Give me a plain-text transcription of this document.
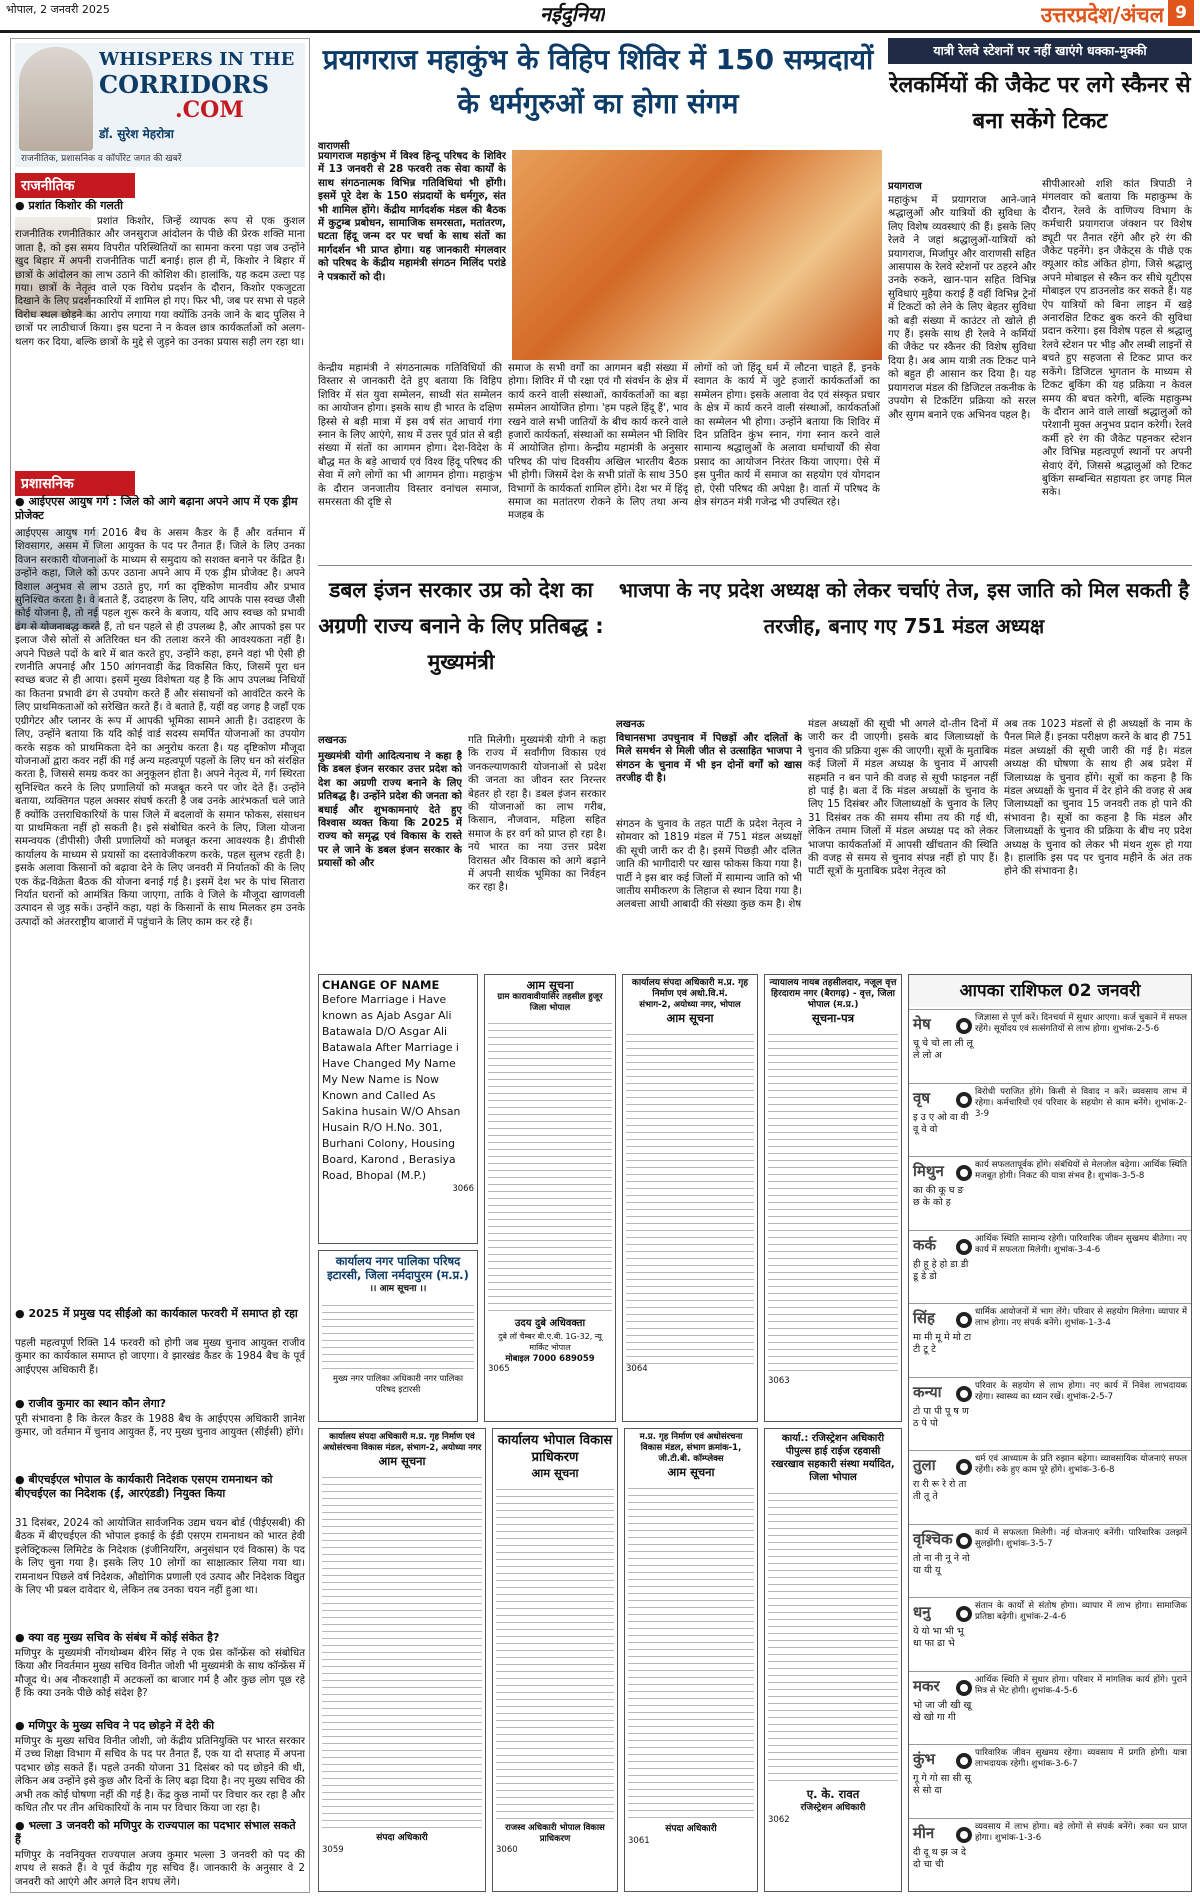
भोपाल, 2 जनवरी 2025	नईदुनिया	उत्तरप्रदेश/अंचल 9
WHISPERS IN THE
CORRIDORS
.COM
डॉ. सुरेश मेहरोत्रा
राजनीतिक, प्रशासनिक व कॉर्पोरेट जगत की खबरें
राजनीतिक
● प्रशांत किशोर की गलती
प्रशांत किशोर, जिन्हें व्यापक रूप से एक कुशल राजनीतिक रणनीतिकार और जनसुराज आंदोलन के पीछे की प्रेरक शक्ति माना जाता है, को इस समय विपरीत परिस्थितियों का सामना करना पड़ा जब उन्होंने खुद बिहार में अपनी राजनीतिक पार्टी बनाई। हाल ही में, किशोर ने बिहार में छात्रों के आंदोलन का लाभ उठाने की कोशिश की। हालांकि, यह कदम उल्टा पड़ गया। छात्रों के नेतृत्व वाले एक विरोध प्रदर्शन के दौरान, किशोर एकजुटता दिखाने के लिए प्रदर्शनकारियों में शामिल हो गए। फिर भी, जब पर सभा से पहले विरोध स्थल छोड़ने का आरोप लगाया गया क्योंकि उनके जाने के बाद पुलिस ने छात्रों पर लाठीचार्ज किया। इस घटना ने न केवल छात्र कार्यकर्ताओं को अलग-थलग कर दिया, बल्कि छात्रों के मुद्दे से जुड़ने का उनका प्रयास सही लग रहा था।
प्रशासनिक
● आईएएस आयुष गर्ग : जिले को आगे बढ़ाना अपने आप में एक ड्रीम प्रोजेक्ट
आईएएस आयुष गर्ग 2016 बैच के असम कैडर के हैं और वर्तमान में शिवसागर, असम में जिला आयुक्त के पद पर तैनात हैं। जिले के लिए उनका विजन सरकारी योजनाओं के माध्यम से समुदाय को सशक्त बनाने पर केंद्रित है। उन्होंने कहा, जिले को ऊपर उठाना अपने आप में एक ड्रीम प्रोजेक्ट है। अपने विशाल अनुभव से लाभ उठाते हुए, गर्ग का दृष्टिकोण मानवीय और प्रभाव सुनिश्चित करता है। वे बताते हैं, उदाहरण के लिए, यदि आपके पास स्वच्छ जैसी कोई योजना है, तो नई पहल शुरू करने के बजाय, यदि आप स्वच्छ को प्रभावी ढंग से योजनाबद्ध करते हैं, तो धन पहले से ही उपलब्ध है, और आपको इस पर इलाज जैसे स्रोतों से अतिरिक्त धन की तलाश करने की आवश्यकता नहीं है। अपने पिछले पदों के बारे में बात करते हुए, उन्होंने कहा, हमने वहां भी ऐसी ही रणनीति अपनाई और 150 आंगनवाड़ी केंद्र विकसित किए, जिसमें पूरा धन स्वच्छ बजट से ही आया। इसमें मुख्य विशेषता यह है कि आप उपलब्ध निधियों का कितना प्रभावी ढंग से उपयोग करते हैं और संसाधनों को आवंटित करने के लिए प्राथमिकताओं को सरेखित करते हैं। वे बताते हैं, यहीं वह जगह है जहाँ एक एग्रीगेटर और प्लानर के रूप में आपकी भूमिका सामने आती है। उदाहरण के लिए, उन्होंने बताया कि यदि कोई वार्ड सदस्य समर्पित योजनाओं का उपयोग करके सड़क को प्राथमिकता देने का अनुरोध करता है। यह दृष्टिकोण मौजूदा योजनाओं द्वारा कवर नहीं की गई अन्य महत्वपूर्ण पहलों के लिए धन को संरक्षित करता है, जिससे समग्र कवर का अनुकूलन होता है। अपने नेतृत्व में, गर्ग स्थिरता सुनिश्चित करने के लिए प्रणालियों को मजबूत करने पर जोर देते हैं। उन्होंने बताया, व्यक्तिगत पहल अक्सर संघर्ष करती है जब उनके आरंभकर्ता चले जाते हैं क्योंकि उत्तराधिकारियों के पास जिले में बदलावों के समान फोकस, संसाधन या प्राथमिकता नहीं हो सकती है। इसे संबोधित करने के लिए, जिला योजना समन्वयक (डीपीसी) जैसी प्रणालियों को मजबूत करना आवश्यक है। डीपीसी कार्यालय के माध्यम से प्रयासों का दस्तावेजीकरण करके, पहल सुलभ रहती है। इसके अलावा किसानों को बढ़ावा देने के लिए जनवरी में निर्यातकों की के लिए एक केंद्र-विक्रेता बैठक की योजना बनाई गई है। इसमें देश भर के पांच सितारा निर्यात घरानों को आमंत्रित किया जाएगा, ताकि वे जिले के मौजूदा खाणवली उत्पादन से जुड़ सकें। उन्होंने कहा, यहां के किसानों के साथ मिलकर हम उनके उत्पादों को अंतरराष्ट्रीय बाजारों में पहुंचाने के लिए काम कर रहे हैं।
● 2025 में प्रमुख पद सीईओ का कार्यकाल फरवरी में समाप्त हो रहा
पहली महत्वपूर्ण रिक्ति 14 फरवरी को होगी जब मुख्य चुनाव आयुक्त राजीव कुमार का कार्यकाल समाप्त हो जाएगा। वे झारखंड कैडर के 1984 बैच के पूर्व आईएएस अधिकारी हैं।
● राजीव कुमार का स्थान कौन लेगा?
पूरी संभावना है कि केरल कैडर के 1988 बैच के आईएएस अधिकारी ज्ञानेश कुमार, जो वर्तमान में चुनाव आयुक्त हैं, नए मुख्य चुनाव आयुक्त (सीईसी) होंगे।
● बीएचईएल भोपाल के कार्यकारी निदेशक एसएम रामनाथन को बीएचईएल का निदेशक (ई, आरएंडडी) नियुक्त किया
31 दिसंबर, 2024 को आयोजित सार्वजनिक उद्यम चयन बोर्ड (पीईएसबी) की बैठक में बीएचईएल की भोपाल इकाई के ईडी एसएम रामनाथन को भारत हेवी इलेक्ट्रिकल्स लिमिटेड के निदेशक (इंजीनियरिंग, अनुसंधान एवं विकास) के पद के लिए चुना गया है। इसके लिए 10 लोगों का साक्षात्कार लिया गया था। रामनाथन पिछले वर्ष निदेशक, औद्योगिक प्रणाली एवं उत्पाद और निदेशक विद्युत के लिए भी प्रबल दावेदार थे, लेकिन तब उनका चयन नहीं हुआ था।
● क्या वह मुख्य सचिव के संबंध में कोई संकेत है?
मणिपुर के मुख्यमंत्री नोंगथोम्बम बीरेन सिंह ने एक प्रेस कॉन्फ्रेंस को संबोधित किया और निवर्तमान मुख्य सचिव विनीत जोशी भी मुख्यमंत्री के साथ कॉन्फ्रेंस में मौजूद थे। अब नौकरशाही में अटकलों का बाजार गर्म है और कुछ लोग पूछ रहे हैं कि क्या उनके पीछे कोई संदेश है?
● मणिपुर के मुख्य सचिव ने पद छोड़ने में देरी की
मणिपुर के मुख्य सचिव विनीत जोशी, जो केंद्रीय प्रतिनियुक्ति पर भारत सरकार में उच्च शिक्षा विभाग में सचिव के पद पर तैनात हैं, एक या दो सप्ताह में अपना पदभार छोड़ सकते हैं। पहले उनकी योजना 31 दिसंबर को पद छोड़ने की थी, लेकिन अब उन्होंने इसे कुछ और दिनों के लिए बढ़ा दिया है। नए मुख्य सचिव की अभी तक कोई घोषणा नहीं की गई है। केंद्र कुछ नामों पर विचार कर रहा है और कथित तौर पर तीन अधिकारियों के नाम पर विचार किया जा रहा है।
● भल्ला 3 जनवरी को मणिपुर के राज्यपाल का पदभार संभाल सकते हैं
मणिपुर के नवनियुक्त राज्यपाल अजय कुमार भल्ला 3 जनवरी को पद की शपथ ले सकते हैं। वे पूर्व केंद्रीय गृह सचिव हैं। जानकारी के अनुसार वे 2 जनवरी को आएंगे और अगले दिन शपथ लेंगे।
प्रयागराज महाकुंभ के विहिप शिविर में 150 सम्प्रदायों के धर्मगुरुओं का होगा संगम
वाराणसी
प्रयागराज महाकुंभ में विश्व हिन्दू परिषद के शिविर में 13 जनवरी से 28 फरवरी तक सेवा कार्यों के साथ संगठनात्मक विभिन्न गतिविधियां भी होंगी। इसमें पूरे देश के 150 संप्रदायों के धर्मगुरु, संत भी शामिल होंगे। केंद्रीय मार्गदर्शक मंडल की बैठक में कुटुम्ब प्रबोधन, सामाजिक समरसता, मतांतरण, घटता हिंदू जन्म दर पर चर्चा के साथ संतों का मार्गदर्शन भी प्राप्त होगा। यह जानकारी मंगलवार को परिषद के केंद्रीय महामंत्री संगठन मिलिंद परांडे ने पत्रकारों को दी।
केन्द्रीय महामंत्री ने संगठनात्मक गतिविधियों की विस्तार से जानकारी देते हुए बताया कि विहिप शिविर में संत युवा सम्मेलन, साध्वी संत सम्मेलन का आयोजन होगा। इसके साथ ही भारत के दक्षिण हिस्से से बड़ी मात्रा में इस वर्ष संत आचार्य गंगा स्नान के लिए आएंगे, साथ में उत्तर पूर्व प्रांत से बड़ी संख्या में संतों का आगमन होगा। देश-विदेश के बौद्ध मत के बड़े आचार्य एवं विश्व हिंदू परिषद की सेवा में लगे लोगों का भी आगमन होगा। महाकुंभ के दौरान जनजातीय विस्तार वनांचल समाज, समरसता की दृष्टि से
समाज के सभी वर्गों का आगमन बड़ी संख्या में होगा। शिविर में पौ रक्षा एवं गौ संवर्धन के क्षेत्र में कार्य करने वाली संस्थाओं, कार्यकर्ताओं का बड़ा सम्मेलन आयोजित होगा। 'हम पहले हिंदू हैं', भाव रखने वाले सभी जातियों के बीच कार्य करने वाले हजारों कार्यकर्ता, संस्थाओं का सम्मेलन भी शिविर में आयोजित होगा। केन्द्रीय महामंत्री के अनुसार परिषद की पांच दिवसीय अखिल भारतीय बैठक भी होगी। जिसमें देश के सभी प्रांतों के साथ 350 विभागों के कार्यकर्ता शामिल होंगे। देश भर में हिंदू समाज का मतांतरण रोकने के लिए तथा अन्य मजहब के
लोगों को जो हिंदू धर्म में लौटना चाहते हैं, इनके स्वागत के कार्य में जुटे हजारों कार्यकर्ताओं का सम्मेलन होगा। इसके अलावा वेद एवं संस्कृत प्रचार के क्षेत्र में कार्य करने वाली संस्थाओं, कार्यकर्ताओं का सम्मेलन भी होगा। उन्होंने बताया कि शिविर में दिन प्रतिदिन कुंभ स्नान, गंगा स्नान करने वाले सामान्य श्रद्धालुओं के अलावा धर्माचार्यों की सेवा प्रसाद का आयोजन निरंतर किया जाएगा। ऐसे में इस पुनीत कार्य में समाज का सहयोग एवं योगदान हो, ऐसी परिषद की अपेक्षा है। वार्ता में परिषद के क्षेत्र संगठन मंत्री गजेन्द्र भी उपस्थित रहे।
यात्री रेलवे स्टेशनों पर नहीं खाएंगे धक्का-मुक्की
रेलकर्मियों की जैकेट पर लगे स्कैनर से बना सकेंगे टिकट
प्रयागराज
महाकुंभ में प्रयागराज आने-जाने श्रद्धालुओं और यात्रियों की सुविधा के लिए विशेष व्यवस्थाएं की हैं। इसके लिए रेलवे ने जहां श्रद्धालुओं-यात्रियों को प्रयागराज, मिर्जापुर और वाराणसी सहित आसपास के रेलवे स्टेशनों पर ठहरने और उनके रुकने, खान-पान सहित विभिन्न सुविधाएं मुहैया कराई हैं वहीं विभिन्न ट्रेनों में टिकटों को लेने के लिए बेहतर सुविधा को बड़ी संख्या में काउंटर तो खोले ही गए हैं। इसके साथ ही रेलवे ने कर्मियों की जैकेट पर स्कैनर की विशेष सुविधा दिया है। अब आम यात्री तक टिकट पाने को बहुत ही आसान कर दिया है। यह प्रयागराज मंडल की डिजिटल तकनीक के उपयोग से टिकटिंग प्रक्रिया को सरल और सुगम बनाने एक अभिनव पहल है।
सीपीआरओ शशि कांत त्रिपाठी ने मंगलवार को बताया कि महाकुम्भ के दौरान, रेलवे के वाणिज्य विभाग के कर्मचारी प्रयागराज जंक्शन पर विशेष ड्यूटी पर तैनात रहेंगे और हरे रंग की जैकेट पहनेंगे। इन जैकेट्स के पीछे एक क्यूआर कोड अंकित होगा, जिसे श्रद्धालु अपने मोबाइल से स्कैन कर सीधे यूटीएस मोबाइल एप डाउनलोड कर सकते हैं। यह ऐप यात्रियों को बिना लाइन में खड़े अनारक्षित टिकट बुक करने की सुविधा प्रदान करेगा। इस विशेष पहल से श्रद्धालु रेलवे स्टेशन पर भीड़ और लम्बी लाइनों से बचते हुए सहजता से टिकट प्राप्त कर सकेंगे। डिजिटल भुगतान के माध्यम से टिकट बुकिंग की यह प्रक्रिया न केवल समय की बचत करेगी, बल्कि महाकुम्भ के दौरान आने वाले लाखों श्रद्धालुओं को परेशानी मुक्त अनुभव प्रदान करेगी। रेलवे कर्मी हरे रंग की जैकेट पहनकर स्टेशन और विभिन्न महत्वपूर्ण स्थानों पर अपनी सेवाएं देंगे, जिससे श्रद्धालुओं को टिकट बुकिंग सम्बन्धित सहायता हर जगह मिल सके।
डबल इंजन सरकार उप्र को देश का अग्रणी राज्य बनाने के लिए प्रतिबद्ध : मुख्यमंत्री
लखनऊ
मुख्यमंत्री योगी आदित्यनाथ ने कहा है कि डबल इंजन सरकार उत्तर प्रदेश को देश का अग्रणी राज्य बनाने के लिए प्रतिबद्ध है। उन्होंने प्रदेश की जनता को बधाई और शुभकामनाएं देते हुए विश्वास व्यक्त किया कि 2025 में राज्य को समृद्ध एवं विकास के रास्ते पर ले जाने के डबल इंजन सरकार के प्रयासों को और
गति मिलेगी। मुख्यमंत्री योगी ने कहा कि राज्य में सर्वांगीण विकास एवं जनकल्याणकारी योजनाओं से प्रदेश की जनता का जीवन स्तर निरन्तर बेहतर हो रहा है। डबल इंजन सरकार की योजनाओं का लाभ गरीब, किसान, नौजवान, महिला सहित समाज के हर वर्ग को प्राप्त हो रहा है। नये भारत का नया उत्तर प्रदेश विरासत और विकास को आगे बढ़ाने में अपनी सार्थक भूमिका का निर्वहन कर रहा है।
भाजपा के नए प्रदेश अध्यक्ष को लेकर चर्चाएं तेज, इस जाति को मिल सकती है तरजीह, बनाए गए 751 मंडल अध्यक्ष
लखनऊ
विधानसभा उपचुनाव में पिछड़ों और दलितों के मिले समर्थन से मिली जीत से उत्साहित भाजपा ने संगठन के चुनाव में भी इन दोनों वर्गों को खास तरजीह दी है।
संगठन के चुनाव के तहत पार्टी के प्रदेश नेतृत्व ने सोमवार को 1819 मंडल में 751 मंडल अध्यक्षों की सूची जारी कर दी है। इसमें पिछड़ी और दलित जाति की भागीदारी पर खास फोकस किया गया है। पार्टी ने इस बार कई जिलों में सामान्य जाति को भी जातीय समीकरण के लिहाज से स्थान दिया गया है। अलबत्ता आधी आबादी की संख्या कुछ कम है। शेष
मंडल अध्यक्षों की सूची भी अगले दो-तीन दिनों में जारी कर दी जाएगी। इसके बाद जिलाध्यक्षों के चुनाव की प्रक्रिया शुरू की जाएगी। सूत्रों के मुताबिक कई जिलों में मंडल अध्यक्ष के चुनाव में आपसी सहमति न बन पाने की वजह से सूची फाइनल नहीं हो पाई है। बता दें कि मंडल अध्यक्षों के चुनाव के लिए 15 दिसंबर और जिलाध्यक्षों के चुनाव के लिए 31 दिसंबर तक की समय सीमा तय की गई थी, लेकिन तमाम जिलों में मंडल अध्यक्ष पद को लेकर भाजपा कार्यकर्ताओं में आपसी खींचतान की स्थिति की वजह से समय से चुनाव संपन्न नहीं हो पाए हैं। पार्टी सूत्रों के मुताबिक प्रदेश नेतृत्व को
अब तक 1023 मंडलों से ही अध्यक्षों के नाम के पैनल मिले हैं। इनका परीक्षण करने के बाद ही 751 मंडल अध्यक्षों की सूची जारी की गई है। मंडल अध्यक्ष की घोषणा के साथ ही अब प्रदेश में जिलाध्यक्ष के चुनाव होंगे। सूत्रों का कहना है कि मंडल अध्यक्षों के चुनाव में देर होने की वजह से अब जिलाध्यक्षों का चुनाव 15 जनवरी तक हो पाने की संभावना है। सूत्रों का कहना है कि मंडल और जिलाध्यक्षों के चुनाव की प्रक्रिया के बीच नए प्रदेश अध्यक्ष के चुनाव को लेकर भी मंथन शुरू हो गया है। हालांकि इस पद पर चुनाव महीने के अंत तक होने की संभावना है।
CHANGE OF NAME
Before Marriage i Have known as Ajab Asgar Ali Batawala D/O Asgar Ali Batawala After Marriage i Have Changed My Name My New Name is Now Known and Called As Sakina husain W/O Ahsan Husain R/O H.No. 301, Burhani Colony, Housing Board, Karond , Berasiya Road, Bhopal (M.P.)
3066
कार्यालय नगर पालिका परिषद इटारसी, जिला नर्मदापुरम (म.प्र.)
।। आम सूचना ।।
मुख्य नगर पालिका अधिकारी नगर पालिका परिषद इटारसी
आम सूचना
ग्राम कारावावीयासिर तहसील हुजूर जिला भोपाल
उदय दुबे अधिवक्ता
दुबे लॉ चैम्बर बी.ए.बी. 1G-32, न्यू मार्किट भोपाल
मोबाइल 7000 689059
3065
कार्यालय संपदा अधिकारी म.प्र. गृह निर्माण एवं अधो.वि.मं.
संभाग-2, अयोध्या नगर, भोपाल
आम सूचना
3064
न्यायालय नायब तहसीलदार, नजूल वृत्त हिरदाराम नगर (बैरागढ़) - वृत्त, जिला भोपाल (म.प्र.)
सूचना-पत्र
3063
आपका राशिफल 02 जनवरी
मेष
चू चे चो ला ली लू ले लो अ
जिज्ञासा से पूर्ण करें। दिनचर्या में सुधार आएगा। कर्ज चुकाने में सफल रहेंगे। सूर्योदय एवं सत्संगतियों से लाभ होगा। शुभांक-2-5-6
वृष
इ उ ए ओ वा वी वू वे वो
विरोधी पराजित होंगे। किसी से विवाद न करें। व्यवसाय लाभ में रहेगा। कर्मचारियों एवं परिवार के सहयोग से काम बनेंगे। शुभांक-2-3-9
मिथुन
का की कू घ ङ छ के को ह
कार्य सफलतापूर्वक होंगे। संबंधियों से मेलजोल बढ़ेगा। आर्थिक स्थिति मजबूत होगी। निकट की यात्रा संभव है। शुभांक-3-5-8
कर्क
ही हू हे हो डा डी डू डे डो
आर्थिक स्थिति सामान्य रहेगी। पारिवारिक जीवन सुखमय बीतेगा। नए कार्य में सफलता मिलेगी। शुभांक-3-4-6
सिंह
मा मी मू मे मो टा टी टू टे
धार्मिक आयोजनों में भाग लेंगे। परिवार से सहयोग मिलेगा। व्यापार में लाभ होगा। नए संपर्क बनेंगे। शुभांक-1-3-4
कन्या
टो पा पी पू ष ण ठ पे पो
परिवार के सहयोग से लाभ होगा। नए कार्य में निवेश लाभदायक रहेगा। स्वास्थ्य का ध्यान रखें। शुभांक-2-5-7
तुला
रा री रू रे रो ता ती तू ते
धर्म एवं आध्यात्म के प्रति रुझान बढ़ेगा। व्यावसायिक योजनाएं सफल रहेंगी। रुके हुए काम पूरे होंगे। शुभांक-3-6-8
वृश्चिक
तो ना नी नू ने नो या यी यू
कार्य में सफलता मिलेगी। नई योजनाएं बनेंगी। पारिवारिक उलझनें सुलझेंगी। शुभांक-3-5-7
धनु
ये यो भा भी भू धा फा ढा भे
संतान के कार्यों से संतोष होगा। व्यापार में लाभ होगा। सामाजिक प्रतिष्ठा बढ़ेगी। शुभांक-2-4-6
मकर
भो जा जी खी खू खे खो गा गी
आर्थिक स्थिति में सुधार होगा। परिवार में मांगलिक कार्य होंगे। पुराने मित्र से भेंट होगी। शुभांक-4-5-6
कुंभ
गू गे गो सा सी सू से सो दा
पारिवारिक जीवन सुखमय रहेगा। व्यवसाय में प्रगति होगी। यात्रा लाभदायक रहेगी। शुभांक-3-6-7
मीन
दी दू थ झ ञ दे दो चा ची
व्यवसाय में लाभ होगा। बड़े लोगों से संपर्क बनेंगे। रुका धन प्राप्त होगा। शुभांक-1-3-6
कार्यालय संपदा अधिकारी म.प्र. गृह निर्माण एवं अधोसंरचना विकास मंडल, संभाग-2, अयोध्या नगर
आम सूचना
संपदा अधिकारी
3059
कार्यालय भोपाल विकास प्राधिकरण
आम सूचना
राजस्व अधिकारी भोपाल विकास प्राधिकरण
3060
म.प्र. गृह निर्माण एवं अधोसंरचना विकास मंडल, संभाग क्रमांक-1, जी.टी.बी. कॉम्प्लेक्स
आम सूचना
संपदा अधिकारी
3061
कार्या.: रजिस्ट्रेशन अधिकारी पीपुल्स हाई राईज रहवासी रखरखाव सहकारी संस्था मर्यादित, जिला भोपाल
ए. के. रावत
रजिस्ट्रेशन अधिकारी
3062
